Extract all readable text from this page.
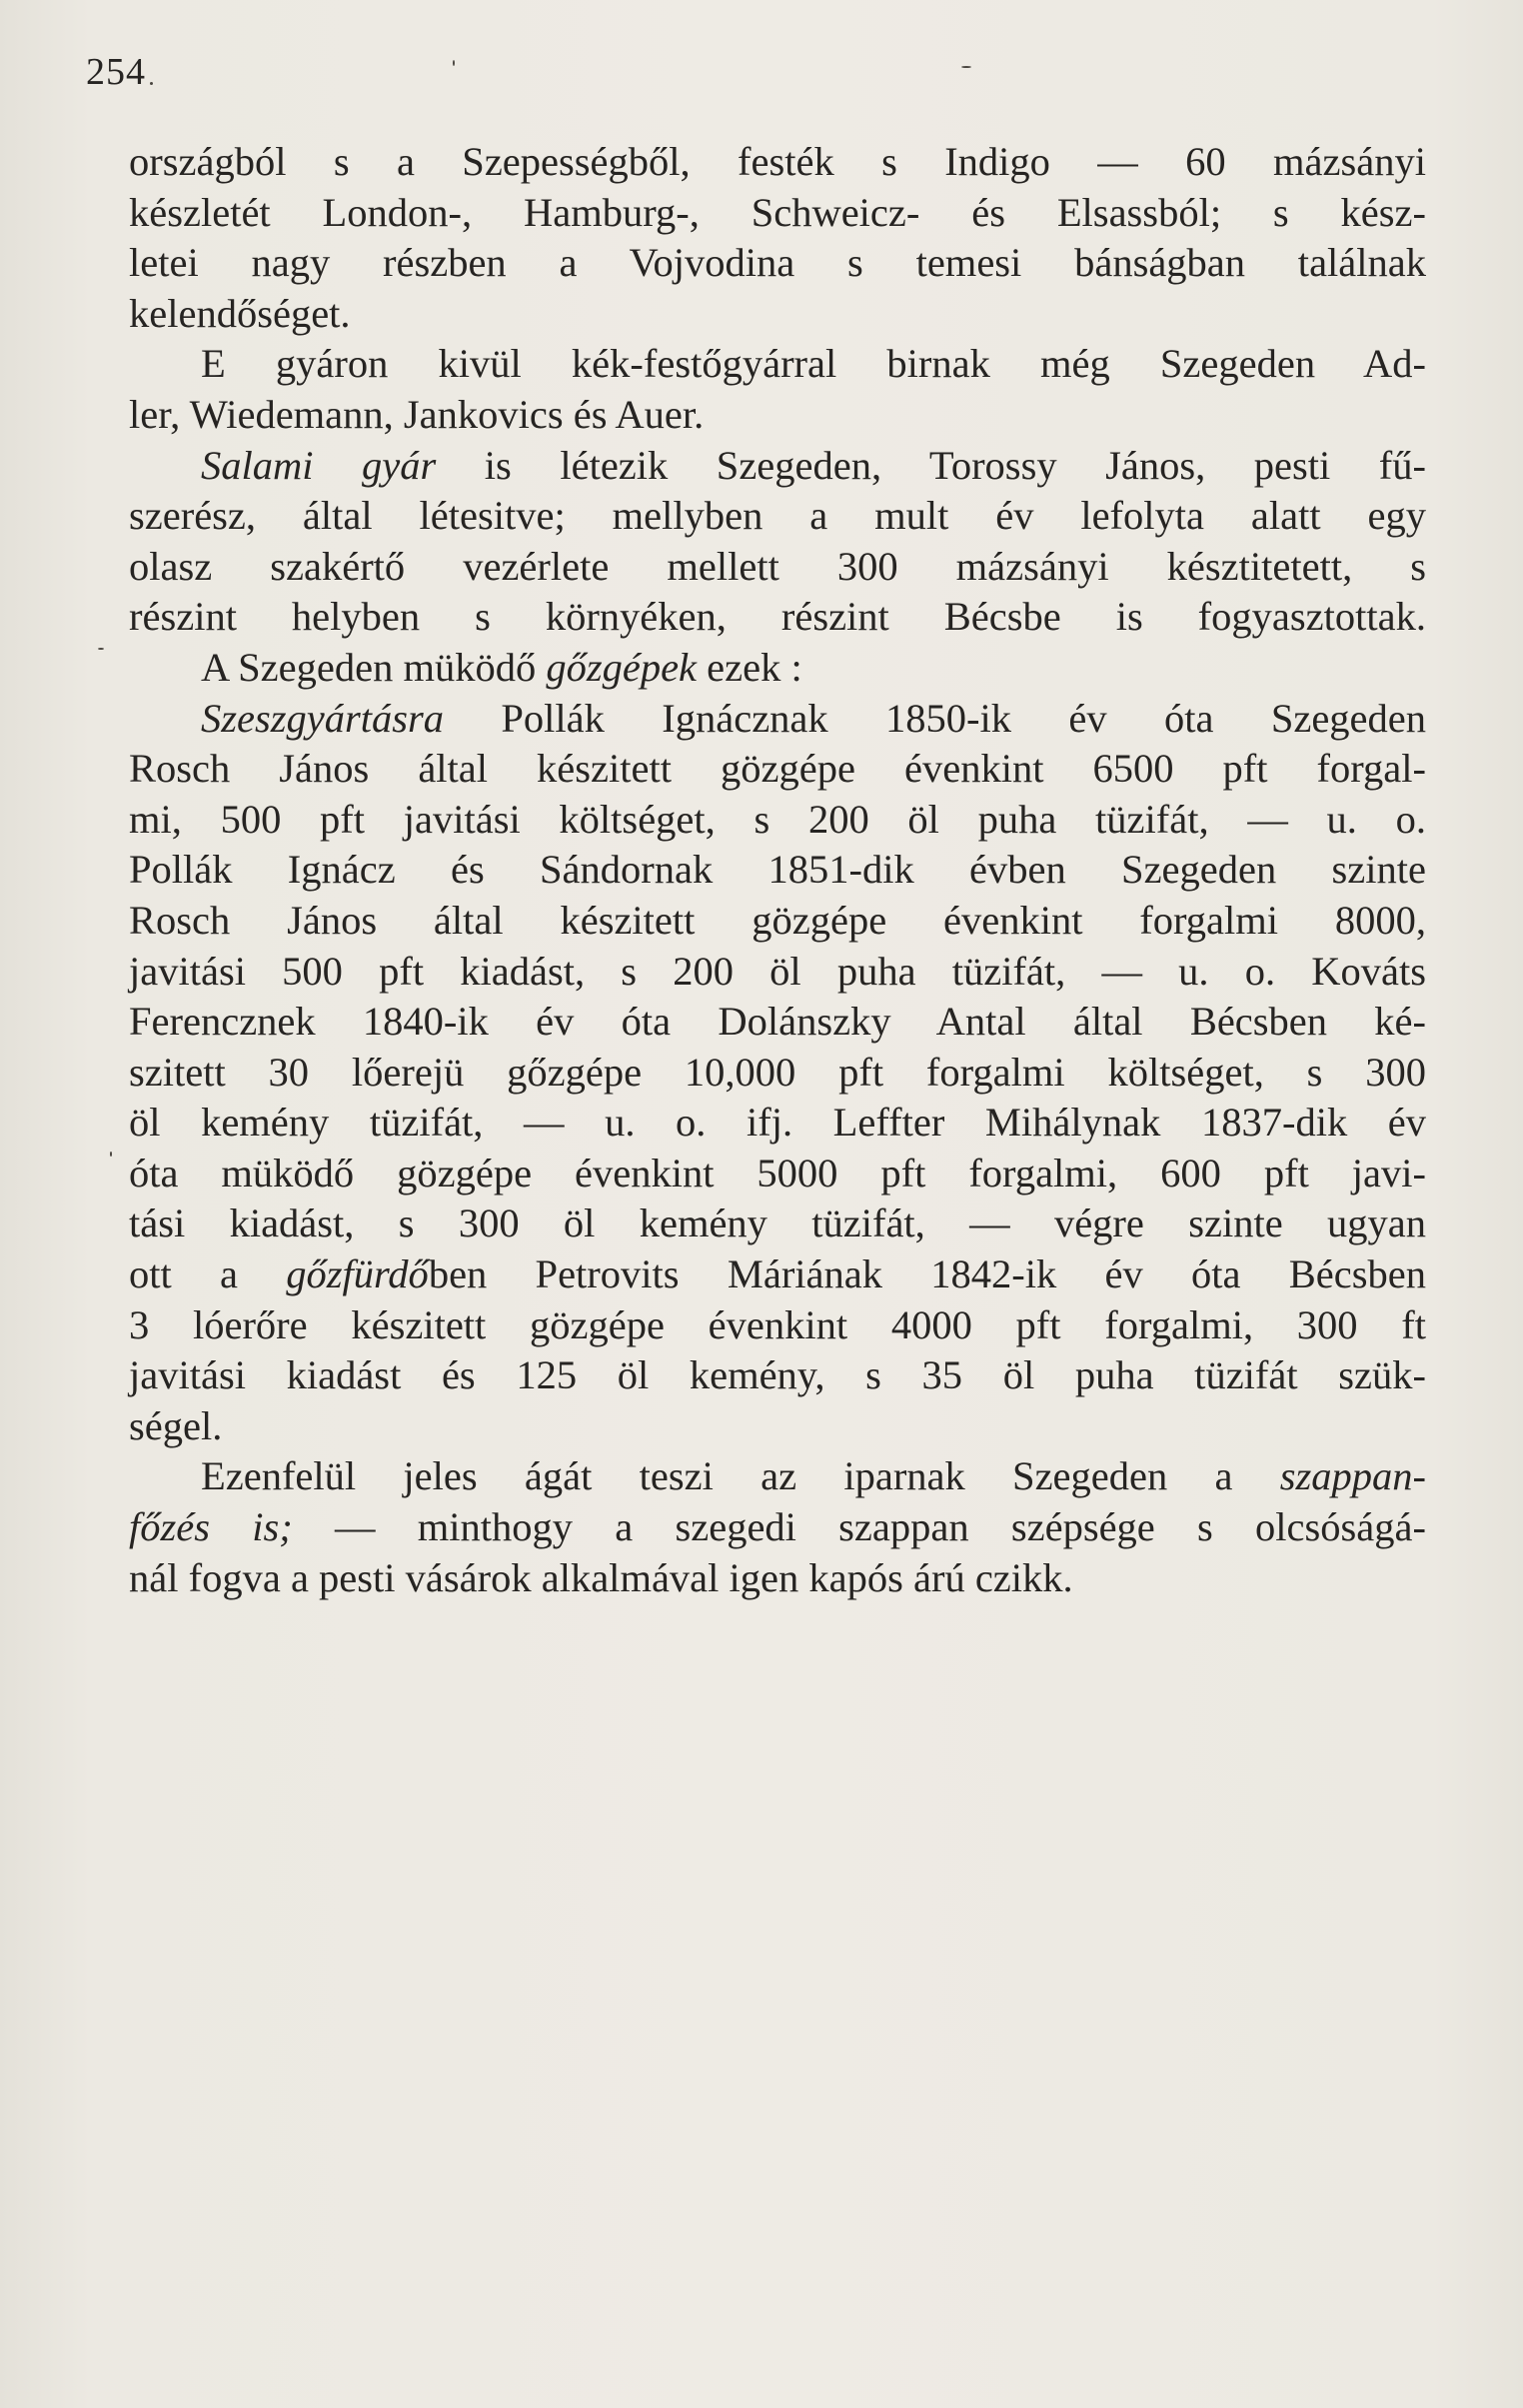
254

országból s a Szepességből, festék s Indigo — 60 mázsányi
készletét London-, Hamburg-, Schweicz- és Elsassból; s kész-
letei nagy részben a Vojvodina s temesi bánságban találnak
kelendőséget.
E gyáron kivül kék-festőgyárral birnak még Szegeden Ad-
ler, Wiedemann, Jankovics és Auer.
Salami gyár is létezik Szegeden, Torossy János, pesti fű-
szerész, által létesitve; mellyben a mult év lefolyta alatt egy
olasz szakértő vezérlete mellett 300 mázsányi késztitetett, s
részint helyben s környéken, részint Bécsbe is fogyasztottak.
A Szegeden müködő gőzgépek ezek :
Szeszgyártásra Pollák Ignácznak 1850-ik év óta Szegeden
Rosch János által készitett gözgépe évenkint 6500 pft forgal-
mi, 500 pft javitási költséget, s 200 öl puha tüzifát, — u. o.
Pollák Ignácz és Sándornak 1851-dik évben Szegeden szinte
Rosch János által készitett gözgépe évenkint forgalmi 8000,
javitási 500 pft kiadást, s 200 öl puha tüzifát, — u. o. Kováts
Ferencznek 1840-ik év óta Dolánszky Antal által Bécsben ké-
szitett 30 lőerejü gőzgépe 10,000 pft forgalmi költséget, s 300
öl kemény tüzifát, — u. o. ifj. Leffter Mihálynak 1837-dik év
óta müködő gözgépe évenkint 5000 pft forgalmi, 600 pft javi-
tási kiadást, s 300 öl kemény tüzifát, — végre szinte ugyan
ott a gőzfürdőben Petrovits Máriának 1842-ik év óta Bécsben
3 lóerőre készitett gözgépe évenkint 4000 pft forgalmi, 300 ft
javitási kiadást és 125 öl kemény, s 35 öl puha tüzifát szük-
ségel.
Ezenfelül jeles ágát teszi az iparnak Szegeden a szappan-
főzés is; — minthogy a szegedi szappan szépsége s olcsóságá-
nál fogva a pesti vásárok alkalmával igen kapós árú czikk.
